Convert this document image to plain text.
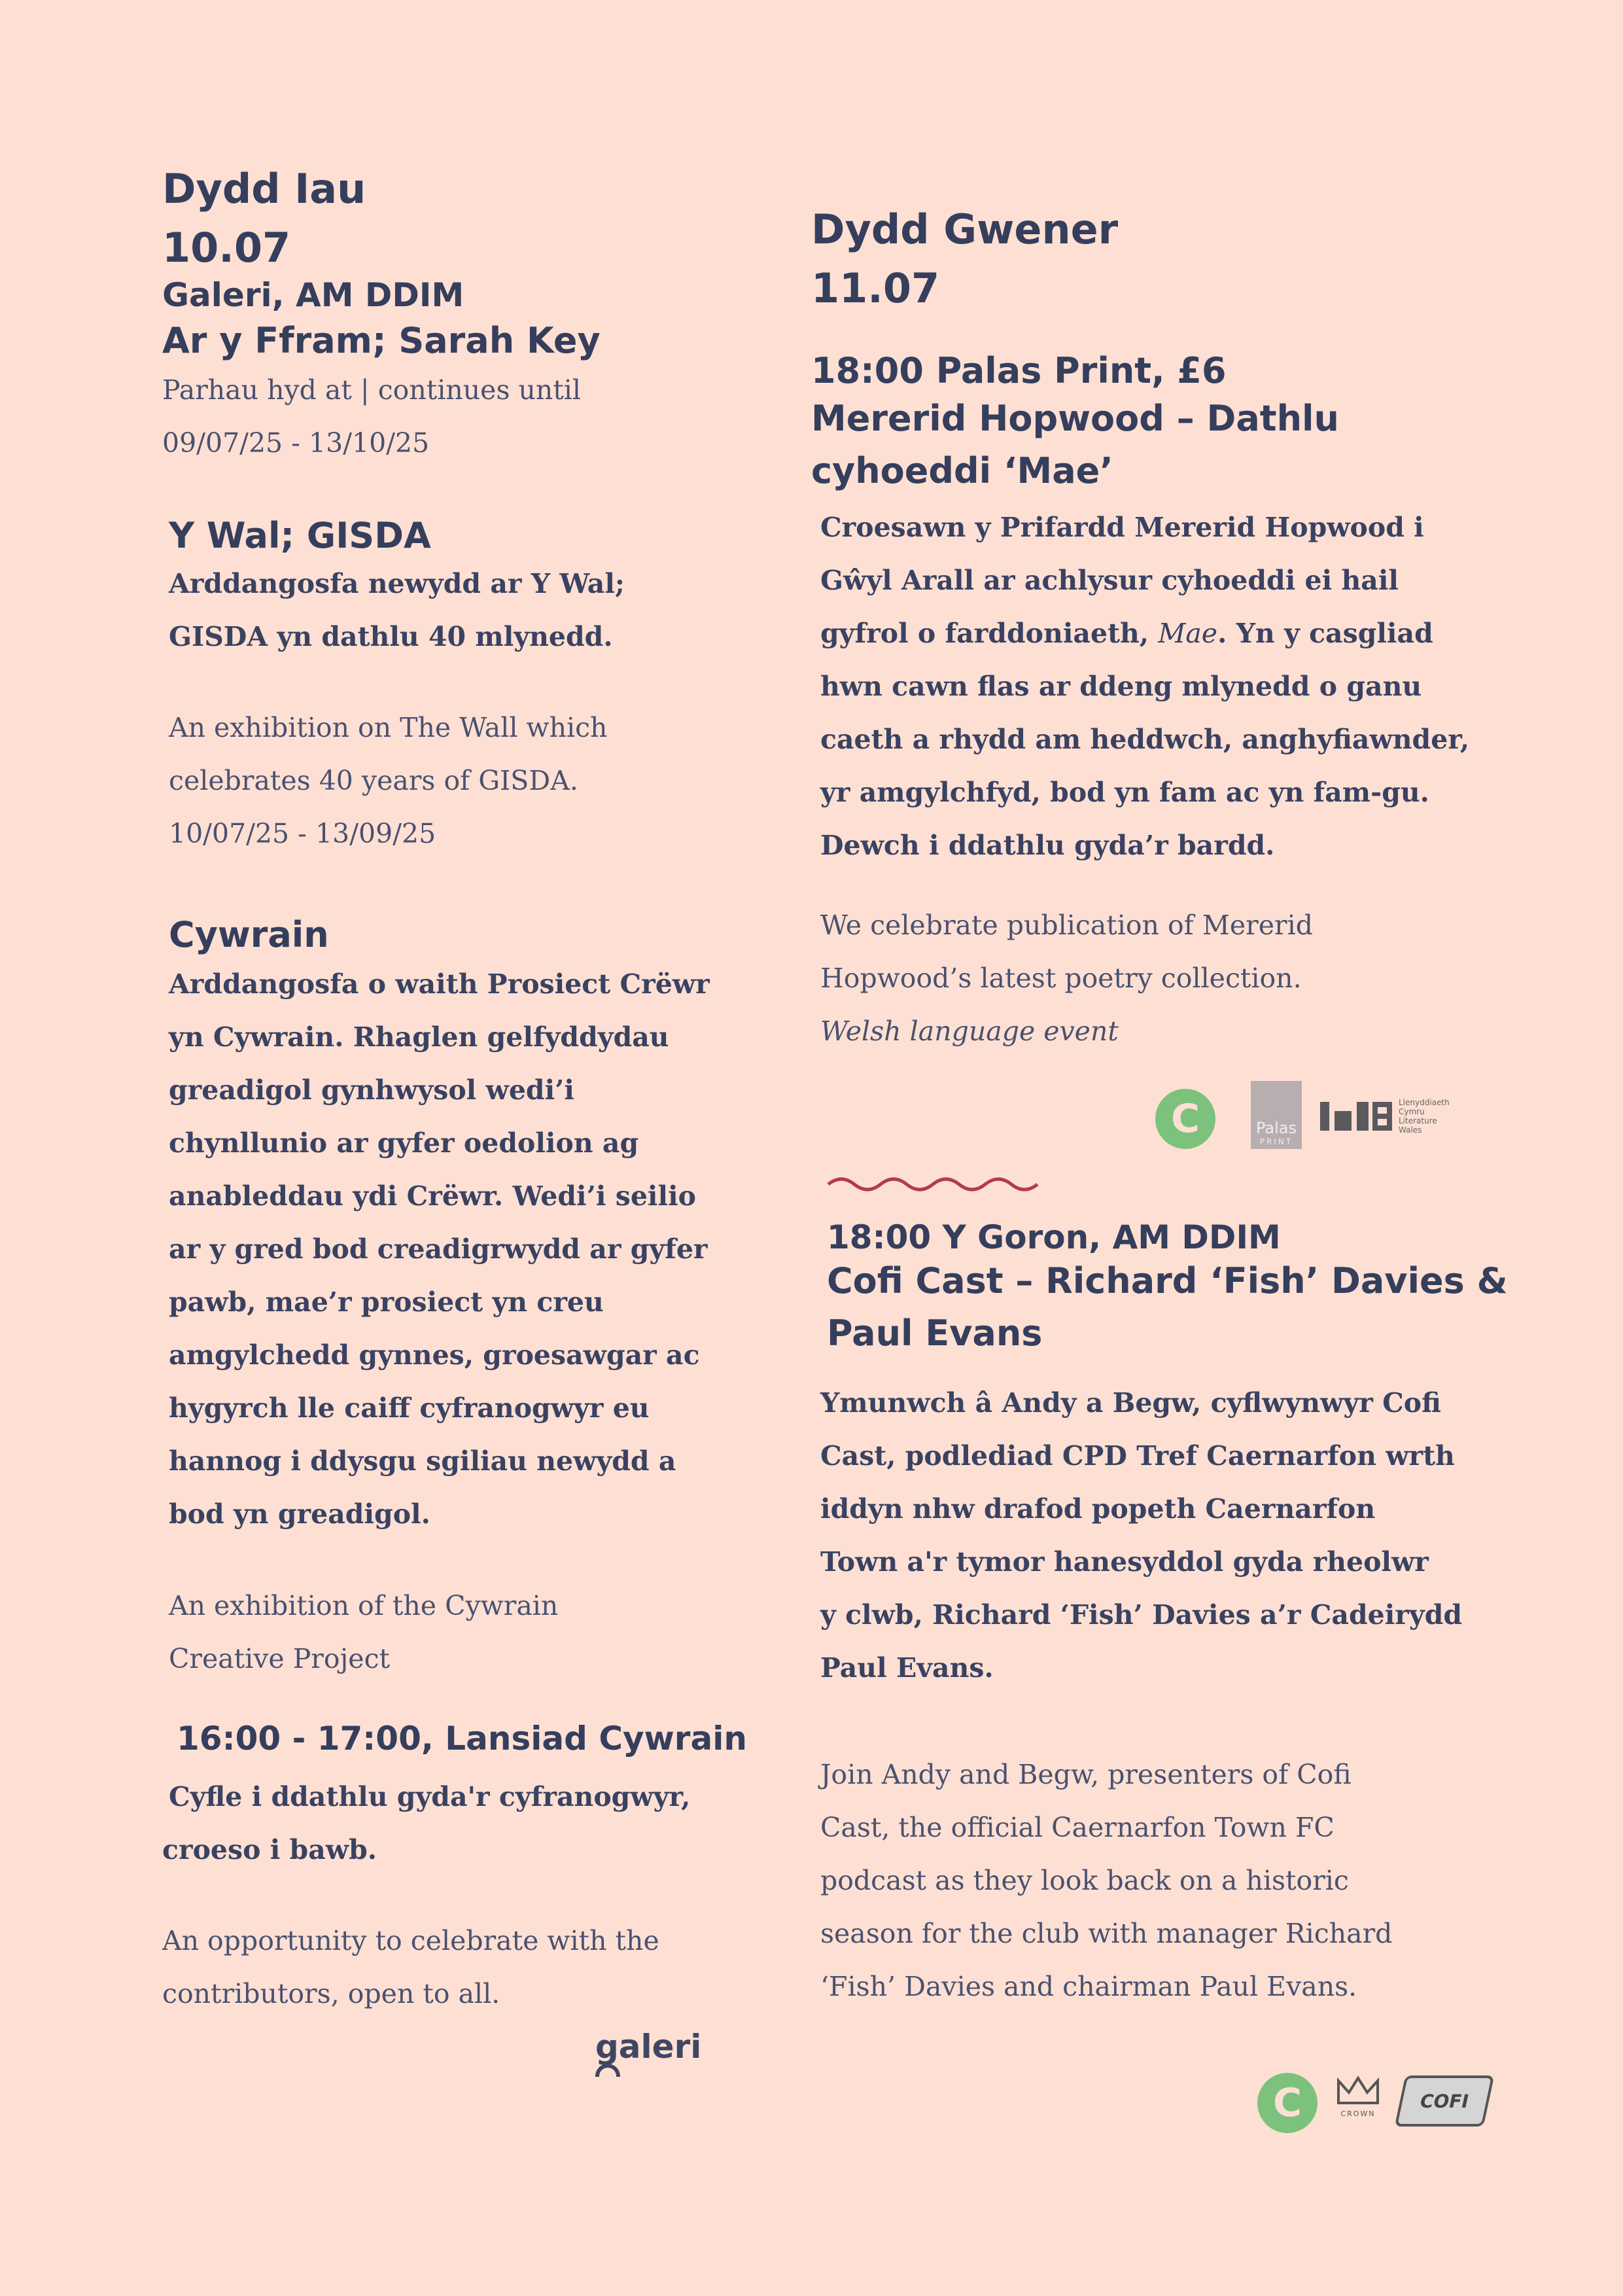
Dydd Iau
10.07
Galeri, AM DDIM
Ar y Ffram; Sarah Key
Parhau hyd at | continues until
09/07/25 - 13/10/25
Y Wal; GISDA
Arddangosfa newydd ar Y Wal;
GISDA yn dathlu 40 mlynedd.
An exhibition on The Wall which
celebrates 40 years of GISDA.
10/07/25 - 13/09/25
Cywrain
Arddangosfa o waith Prosiect Crëwr
yn Cywrain. Rhaglen gelfyddydau
greadigol gynhwysol wedi’i
chynllunio ar gyfer oedolion ag
anableddau ydi Crëwr. Wedi’i seilio
ar y gred bod creadigrwydd ar gyfer
pawb, mae’r prosiect yn creu
amgylchedd gynnes, groesawgar ac
hygyrch lle caiff cyfranogwyr eu
hannog i ddysgu sgiliau newydd a
bod yn greadigol.
An exhibition of the Cywrain
Creative Project
16:00 - 17:00, Lansiad Cywrain
Cyfle i ddathlu gyda'r cyfranogwyr,
croeso i bawb.
An opportunity to celebrate with the
contributors, open to all.
galeri
Dydd Gwener
11.07
18:00 Palas Print, £6
Mererid Hopwood – Dathlu
cyhoeddi ‘Mae’
Croesawn y Prifardd Mererid Hopwood i
Gŵyl Arall ar achlysur cyhoeddi ei hail
gyfrol o farddoniaeth, Mae. Yn y casgliad
hwn cawn flas ar ddeng mlynedd o ganu
caeth a rhydd am heddwch, anghyfiawnder,
yr amgylchfyd, bod yn fam ac yn fam-gu.
Dewch i ddathlu gyda’r bardd.
We celebrate publication of Mererid
Hopwood’s latest poetry collection.
Welsh language event
C	Palas
PRINT
Llenyddiaeth
Cymru
Literature
Wales
18:00 Y Goron, AM DDIM
Cofi Cast – Richard ‘Fish’ Davies &
Paul Evans
Ymunwch â Andy a Begw, cyflwynwyr Cofi
Cast, podlediad CPD Tref Caernarfon wrth
iddyn nhw drafod popeth Caernarfon
Town a'r tymor hanesyddol gyda rheolwr
y clwb, Richard ‘Fish’ Davies a’r Cadeirydd
Paul Evans.
Join Andy and Begw, presenters of Cofi
Cast, the official Caernarfon Town FC
podcast as they look back on a historic
season for the club with manager Richard
‘Fish’ Davies and chairman Paul Evans.
C	CROWN
COFI
